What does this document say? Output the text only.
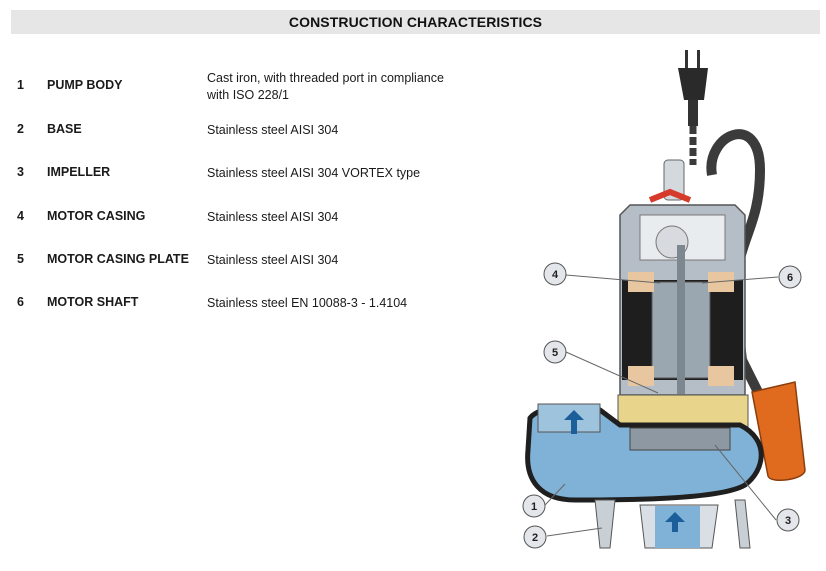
CONSTRUCTION CHARACTERISTICS
1 PUMP BODY	Cast iron, with threaded port in compliance
with ISO 228/1
2 BASE	Stainless steel AISI 304
3 IMPELLER	Stainless steel AISI 304 VORTEX type
4 MOTOR CASING	Stainless steel AISI 304
5 MOTOR CASING PLATE Stainless steel AISI 304
6 MOTOR SHAFT	Stainless steel EN 10088-3 - 1.4104
4	6
5
1
2
3
